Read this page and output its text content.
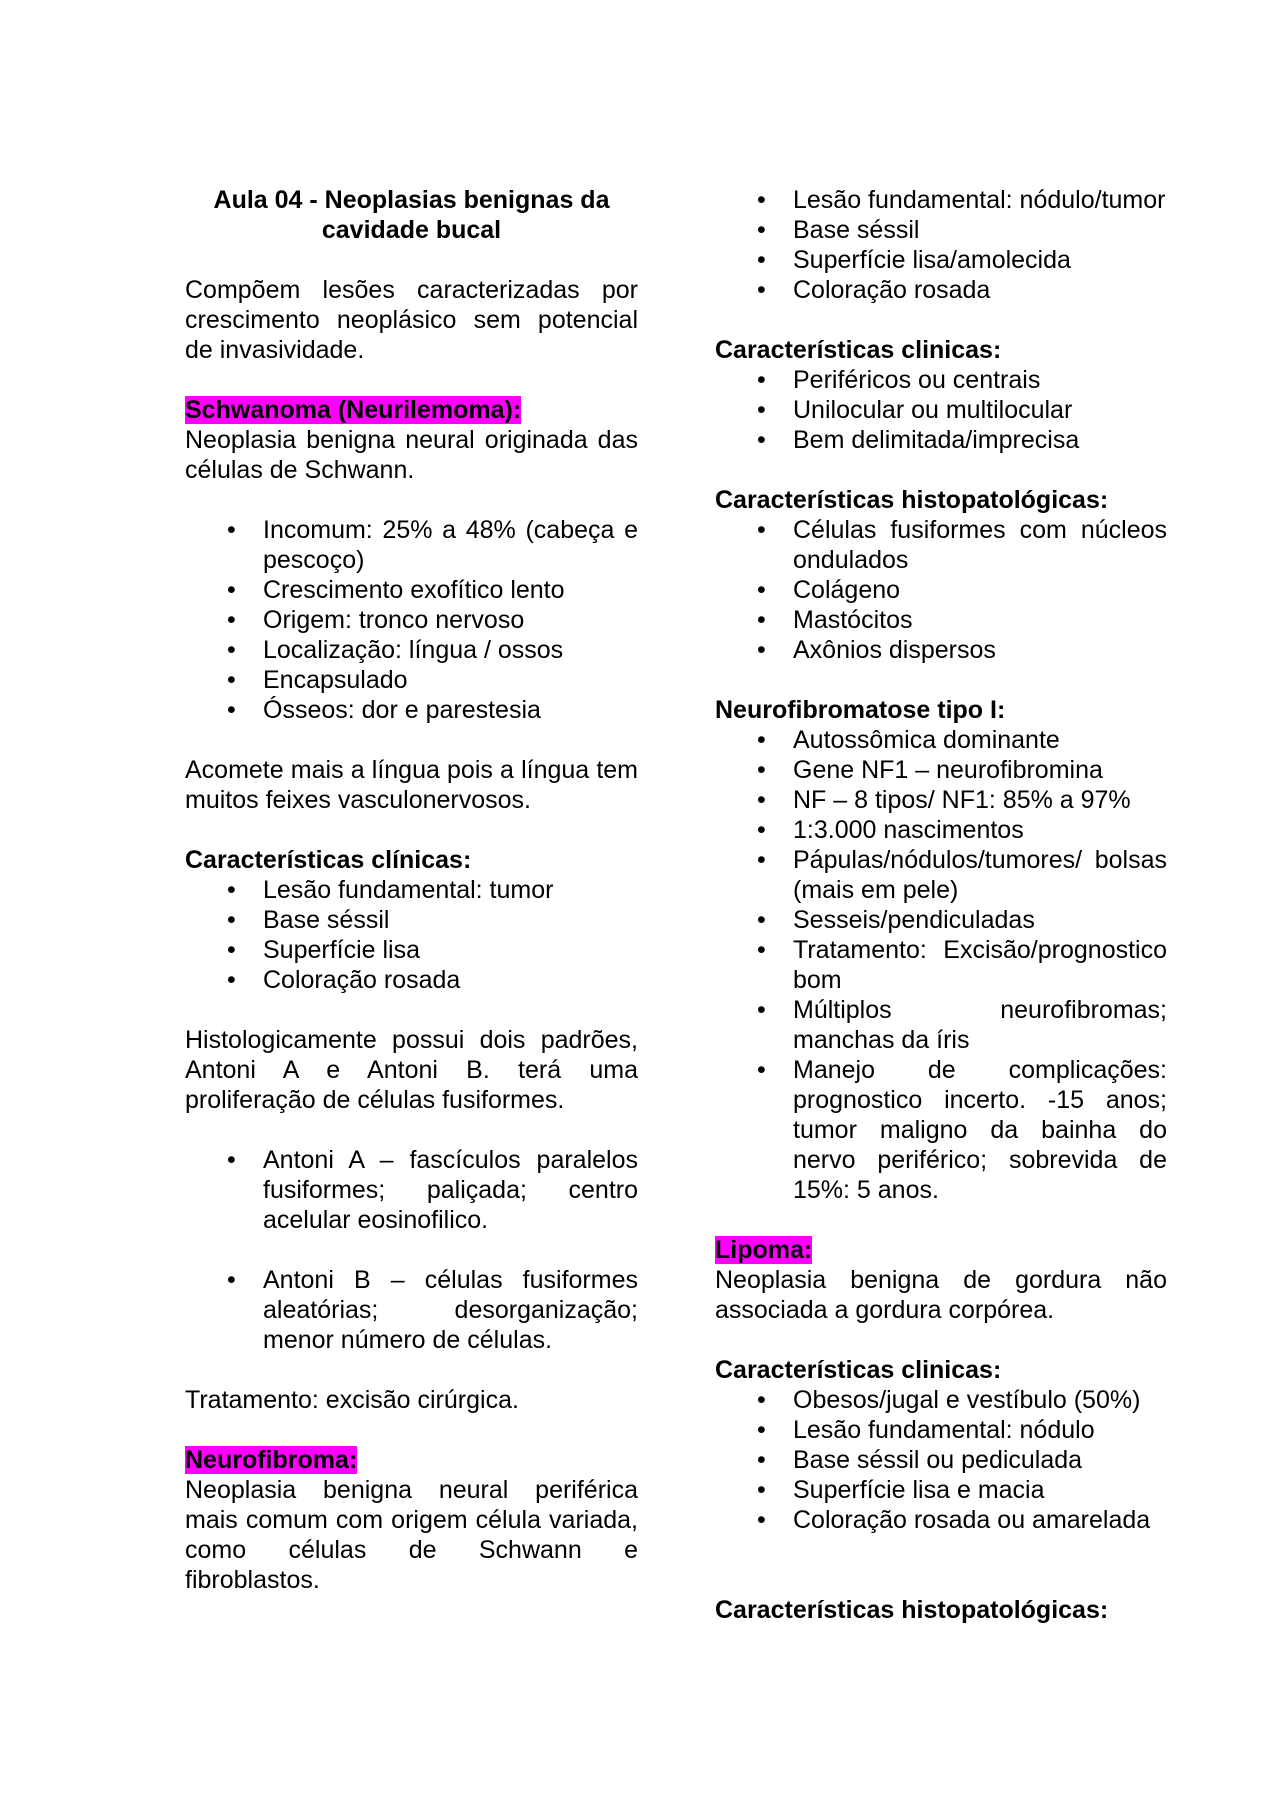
Aula 04 - Neoplasias benignas da cavidade bucal

Compõem lesões caracterizadas por crescimento neoplásico sem potencial de invasividade.

Schwanoma (Neurilemoma):

Neoplasia benigna neural originada das células de Schwann.

• Incomum: 25% a 48% (cabeça e pescoço)
• Crescimento exofítico lento
• Origem: tronco nervoso
• Localização: língua / ossos
• Encapsulado
• Ósseos: dor e parestesia

Acomete mais a língua pois a língua tem muitos feixes vasculonervosos.

Características clínicas:

• Lesão fundamental: tumor
• Base séssil
• Superfície lisa
• Coloração rosada

Histologicamente possui dois padrões, Antoni A e Antoni B. terá uma proliferação de células fusiformes.

• Antoni A – fascículos paralelos fusiformes; paliçada; centro acelular eosinofilico.
• Antoni B – células fusiformes aleatórias; desorganização; menor número de células.

Tratamento: excisão cirúrgica.

Neurofibroma:

Neoplasia benigna neural periférica mais comum com origem célula variada, como células de Schwann e fibroblastos.

• Lesão fundamental: nódulo/tumor
• Base séssil
• Superfície lisa/amolecida
• Coloração rosada

Características clinicas:

• Periféricos ou centrais
• Unilocular ou multilocular
• Bem delimitada/imprecisa

Características histopatológicas:

• Células fusiformes com núcleos ondulados
• Colágeno
• Mastócitos
• Axônios dispersos

Neurofibromatose tipo I:

• Autossômica dominante
• Gene NF1 – neurofibromina
• NF – 8 tipos/ NF1: 85% a 97%
• 1:3.000 nascimentos
• Pápulas/nódulos/tumores/ bolsas (mais em pele)
• Sesseis/pendiculadas
• Tratamento: Excisão/prognostico bom
• Múltiplos neurofibromas; manchas da íris
• Manejo de complicações: prognostico incerto. -15 anos; tumor maligno da bainha do nervo periférico; sobrevida de 15%: 5 anos.

Lipoma:

Neoplasia benigna de gordura não associada a gordura corpórea.

Características clinicas:

• Obesos/jugal e vestíbulo (50%)
• Lesão fundamental: nódulo
• Base séssil ou pediculada
• Superfície lisa e macia
• Coloração rosada ou amarelada

Características histopatológicas:
